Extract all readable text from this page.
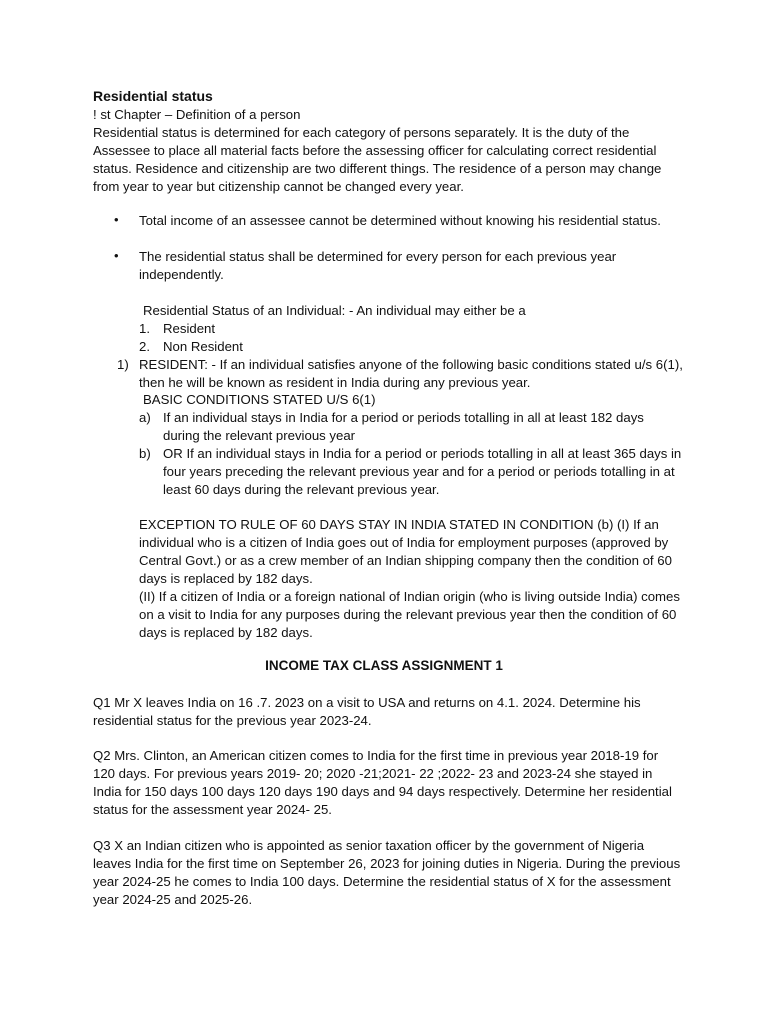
Residential status
! st Chapter – Definition of a person
Residential status is determined for each category of persons separately. It is the duty of the Assessee to place all material facts before the assessing officer for calculating correct residential status. Residence and citizenship are two different things. The residence of a person may change from year to year but citizenship cannot be changed every year.
•	Total income of an assessee cannot be determined without knowing his residential status.
•	The residential status shall be determined for every person for each previous year independently.
Residential Status of an Individual: - An individual may either be a
1. Resident
2. Non Resident
1) RESIDENT: - If an individual satisfies anyone of the following basic conditions stated u/s 6(1), then he will be known as resident in India during any previous year.
BASIC CONDITIONS STATED U/S 6(1)
a) If an individual stays in India for a period or periods totalling in all at least 182 days during the relevant previous year
b) OR If an individual stays in India for a period or periods totalling in all at least 365 days in four years preceding the relevant previous year and for a period or periods totalling in at least 60 days during the relevant previous year.
EXCEPTION TO RULE OF 60 DAYS STAY IN INDIA STATED IN CONDITION (b) (I) If an individual who is a citizen of India goes out of India for employment purposes (approved by Central Govt.) or as a crew member of an Indian shipping company then the condition of 60 days is replaced by 182 days.
(II) If a citizen of India or a foreign national of Indian origin (who is living outside India) comes on a visit to India for any purposes during the relevant previous year then the condition of 60 days is replaced by 182 days.
INCOME TAX CLASS ASSIGNMENT 1
Q1 Mr X leaves India on 16 .7. 2023 on a visit to USA and returns on 4.1. 2024. Determine his residential status for the previous year 2023-24.
Q2 Mrs. Clinton, an American citizen comes to India for the first time in previous year 2018-19 for 120 days. For previous years 2019- 20; 2020 -21;2021- 22 ;2022- 23 and 2023-24 she stayed in India for 150 days 100 days 120 days 190 days and 94 days respectively. Determine her residential status for the assessment year 2024- 25.
Q3 X an Indian citizen who is appointed as senior taxation officer by the government of Nigeria leaves India for the first time on September 26, 2023 for joining duties in Nigeria. During the previous year 2024-25 he comes to India 100 days. Determine the residential status of X for the assessment year 2024-25 and 2025-26.
